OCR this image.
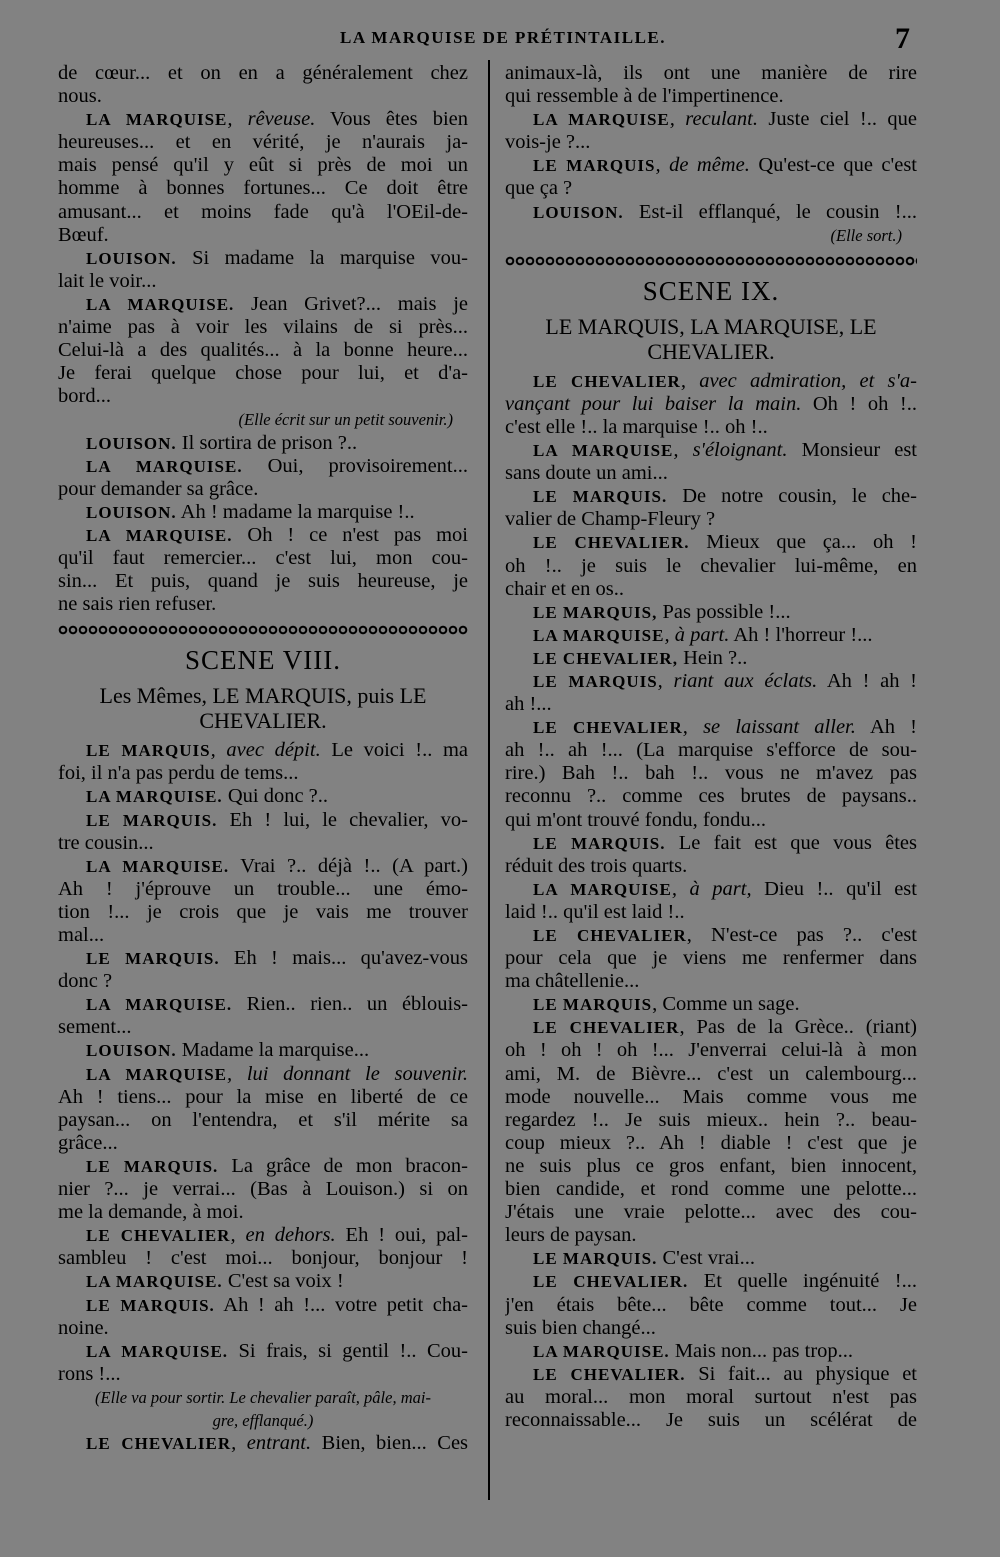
LA MARQUISE DE PRÉTINTAILLE.	7
de cœur... et on en a généralement chez
nous.
LA MARQUISE, rêveuse. Vous êtes bien
heureuses... et en vérité, je n'aurais ja-
mais pensé qu'il y eût si près de moi un
homme à bonnes fortunes... Ce doit être
amusant... et moins fade qu'à l'OEil-de-
Bœuf.
LOUISON. Si madame la marquise vou-
lait le voir...
LA MARQUISE. Jean Grivet?... mais je
n'aime pas à voir les vilains de si près...
Celui-là a des qualités... à la bonne heure...
Je ferai quelque chose pour lui, et d'a-
bord...
(Elle écrit sur un petit souvenir.)
LOUISON. Il sortira de prison ?..
LA MARQUISE. Oui, provisoirement...
pour demander sa grâce.
LOUISON. Ah ! madame la marquise !..
LA MARQUISE. Oh ! ce n'est pas moi
qu'il faut remercier... c'est lui, mon cou-
sin... Et puis, quand je suis heureuse, je
ne sais rien refuser.
SCENE VIII.
Les Mêmes, LE MARQUIS, puis LE CHEVALIER.
LE MARQUIS, avec dépit. Le voici !.. ma
foi, il n'a pas perdu de tems...
LA MARQUISE. Qui donc ?..
LE MARQUIS. Eh ! lui, le chevalier, vo-
tre cousin...
LA MARQUISE. Vrai ?.. déjà !.. (A part.)
Ah ! j'éprouve un trouble... une émo-
tion !... je crois que je vais me trouver
mal...
LE MARQUIS. Eh ! mais... qu'avez-vous
donc ?
LA MARQUISE. Rien.. rien.. un éblouis-
sement...
LOUISON. Madame la marquise...
LA MARQUISE, lui donnant le souvenir.
Ah ! tiens... pour la mise en liberté de ce
paysan... on l'entendra, et s'il mérite sa
grâce...
LE MARQUIS. La grâce de mon bracon-
nier ?... je verrai... (Bas à Louison.) si on
me la demande, à moi.
LE CHEVALIER, en dehors. Eh ! oui, pal-
sambleu ! c'est moi... bonjour, bonjour !
LA MARQUISE. C'est sa voix !
LE MARQUIS. Ah ! ah !... votre petit cha-
noine.
LA MARQUISE. Si frais, si gentil !.. Cou-
rons !...
(Elle va pour sortir. Le chevalier paraît, pâle, mai-
gre, efflanqué.)
LE CHEVALIER, entrant. Bien, bien... Ces
animaux-là, ils ont une manière de rire
qui ressemble à de l'impertinence.
LA MARQUISE, reculant. Juste ciel !.. que
vois-je ?...
LE MARQUIS, de même. Qu'est-ce que c'est
que ça ?
LOUISON. Est-il efflanqué, le cousin !...
(Elle sort.)
SCENE IX.
LE MARQUIS, LA MARQUISE, LE CHEVALIER.
LE CHEVALIER, avec admiration, et s'a-
vançant pour lui baiser la main. Oh ! oh !..
c'est elle !.. la marquise !.. oh !..
LA MARQUISE, s'éloignant. Monsieur est
sans doute un ami...
LE MARQUIS. De notre cousin, le che-
valier de Champ-Fleury ?
LE CHEVALIER. Mieux que ça... oh !
oh !.. je suis le chevalier lui-même, en
chair et en os..
LE MARQUIS, Pas possible !...
LA MARQUISE, à part. Ah ! l'horreur !...
LE CHEVALIER, Hein ?..
LE MARQUIS, riant aux éclats. Ah ! ah !
ah !...
LE CHEVALIER, se laissant aller. Ah !
ah !.. ah !... (La marquise s'efforce de sou-
rire.) Bah !.. bah !.. vous ne m'avez pas
reconnu ?.. comme ces brutes de paysans..
qui m'ont trouvé fondu, fondu...
LE MARQUIS. Le fait est que vous êtes
réduit des trois quarts.
LA MARQUISE, à part, Dieu !.. qu'il est
laid !.. qu'il est laid !..
LE CHEVALIER, N'est-ce pas ?.. c'est
pour cela que je viens me renfermer dans
ma châtellenie...
LE MARQUIS, Comme un sage.
LE CHEVALIER, Pas de la Grèce.. (riant)
oh ! oh ! oh !... J'enverrai celui-là à mon
ami, M. de Bièvre... c'est un calembourg...
mode nouvelle... Mais comme vous me
regardez !.. Je suis mieux.. hein ?.. beau-
coup mieux ?.. Ah ! diable ! c'est que je
ne suis plus ce gros enfant, bien innocent,
bien candide, et rond comme une pelotte...
J'étais une vraie pelotte... avec des cou-
leurs de paysan.
LE MARQUIS. C'est vrai...
LE CHEVALIER. Et quelle ingénuité !...
j'en étais bête... bête comme tout... Je
suis bien changé...
LA MARQUISE. Mais non... pas trop...
LE CHEVALIER. Si fait... au physique et
au moral... mon moral surtout n'est pas
reconnaissable... Je suis un scélérat de
